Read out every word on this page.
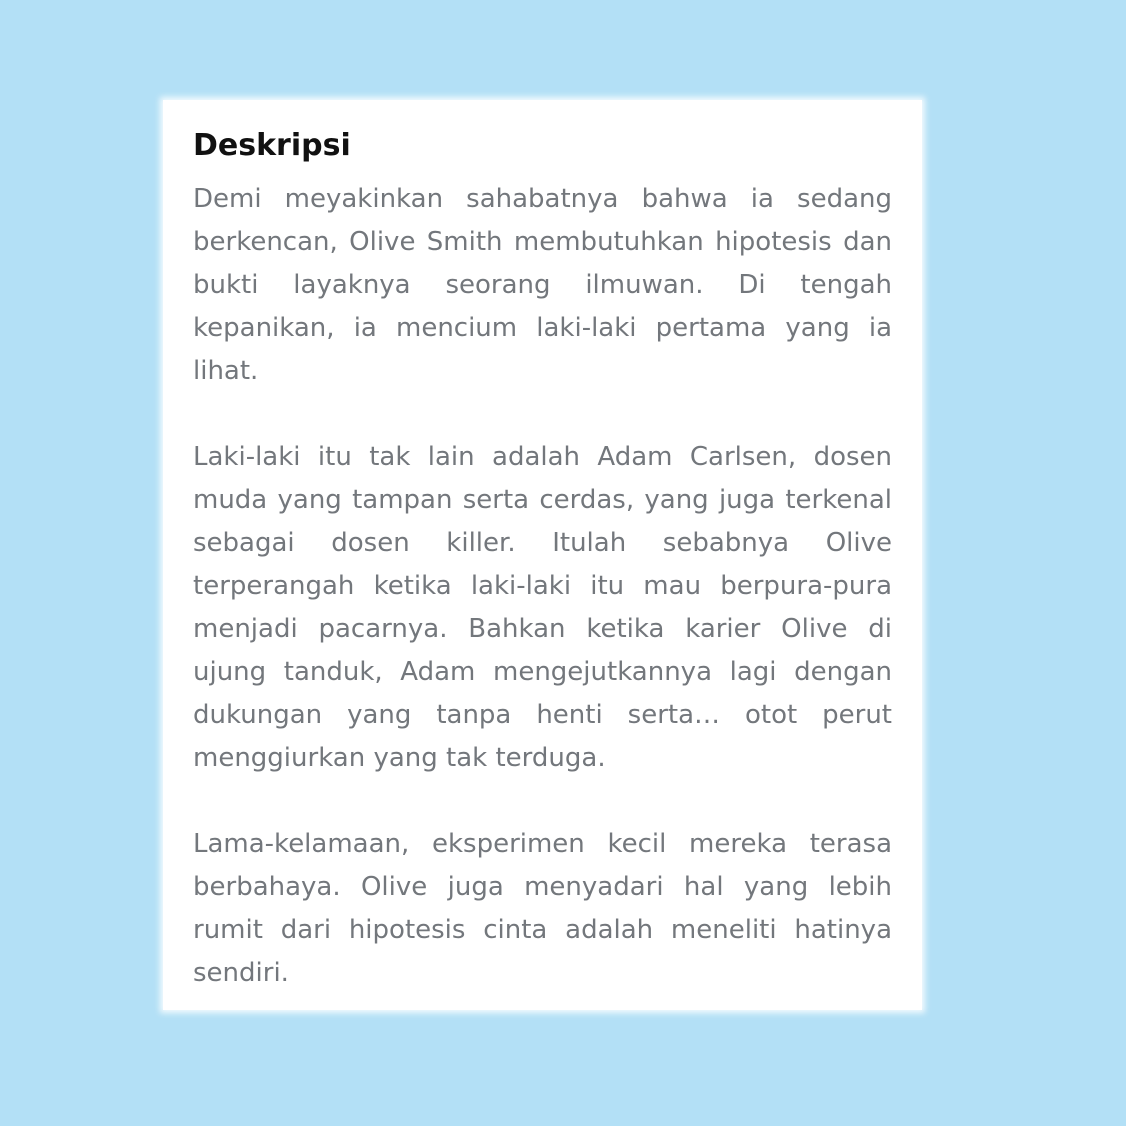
Deskripsi

Demi meyakinkan sahabatnya bahwa ia sedang berkencan, Olive Smith membutuhkan hipotesis dan bukti layaknya seorang ilmuwan. Di tengah kepanikan, ia mencium laki-laki pertama yang ia lihat.

Laki-laki itu tak lain adalah Adam Carlsen, dosen muda yang tampan serta cerdas, yang juga terkenal sebagai dosen killer. Itulah sebabnya Olive terperangah ketika laki-laki itu mau berpura-pura menjadi pacarnya. Bahkan ketika karier Olive di ujung tanduk, Adam mengejutkannya lagi dengan dukungan yang tanpa henti serta… otot perut menggiurkan yang tak terduga.

Lama-kelamaan, eksperimen kecil mereka terasa berbahaya. Olive juga menyadari hal yang lebih rumit dari hipotesis cinta adalah meneliti hatinya sendiri.
